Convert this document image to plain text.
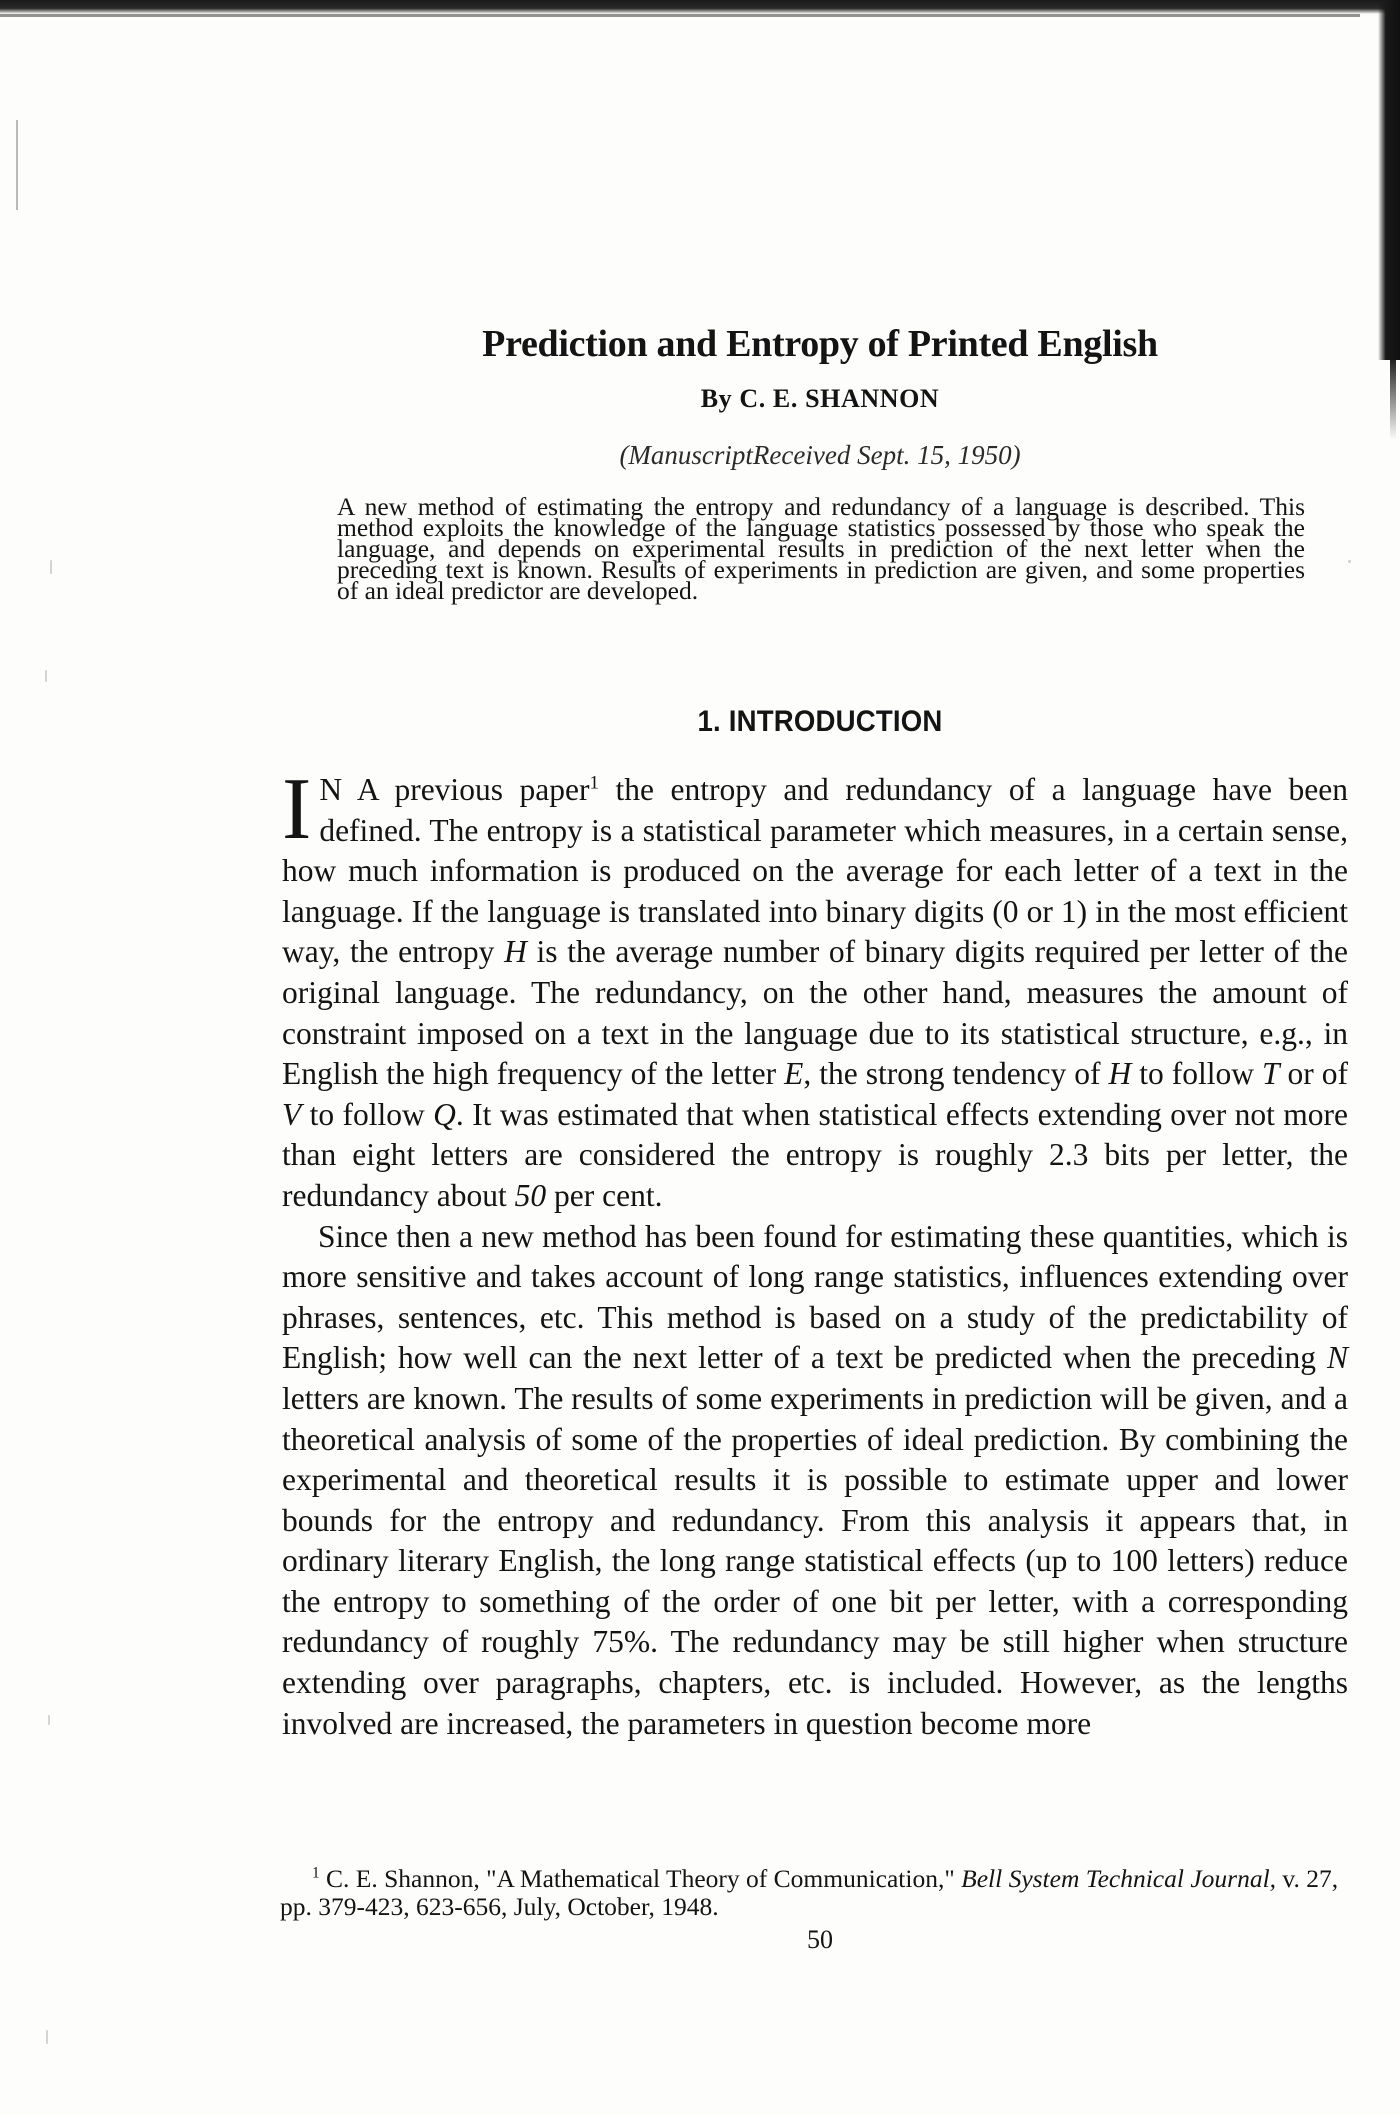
Prediction and Entropy of Printed English
By C. E. SHANNON
(ManuscriptReceived Sept. 15, 1950)

A new method of estimating the entropy and redundancy of a language is described. This method exploits the knowledge of the language statistics possessed by those who speak the language, and depends on experimental results in prediction of the next letter when the preceding text is known. Results of experiments in prediction are given, and some properties of an ideal predictor are developed.

1. INTRODUCTION

I N A previous paper$^1$ the entropy and redundancy of a language have been defined. The entropy is a statistical parameter which measures, in a certain sense, how much information is produced on the average for each letter of a text in the language. If the language is translated into binary digits (0 or 1) in the most efficient way, the entropy H is the average number of binary digits required per letter of the original language. The redundancy, on the other hand, measures the amount of constraint imposed on a text in the language due to its statistical structure, e.g., in English the high frequency of the letter E, the strong tendency of H to follow T or of V to follow Q. It was estimated that when statistical effects extending over not more than eight letters are considered the entropy is roughly 2.3 bits per letter, the redundancy about 50 per cent.

Since then a new method has been found for estimating these quantities, which is more sensitive and takes account of long range statistics, influences extending over phrases, sentences, etc. This method is based on a study of the predictability of English; how well can the next letter of a text be predicted when the preceding N letters are known. The results of some experiments in prediction will be given, and a theoretical analysis of some of the properties of ideal prediction. By combining the experimental and theoretical results it is possible to estimate upper and lower bounds for the entropy and redundancy. From this analysis it appears that, in ordinary literary English, the long range statistical effects (up to 100 letters) reduce the entropy to something of the order of one bit per letter, with a corresponding redundancy of roughly 75%. The redundancy may be still higher when structure extending over paragraphs, chapters, etc. is included. However, as the lengths involved are increased, the parameters in question become more

$^1$ C. E. Shannon, "A Mathematical Theory of Communication," Bell System Technical Journal, v. 27, pp. 379-423, 623-656, July, October, 1948.

50
